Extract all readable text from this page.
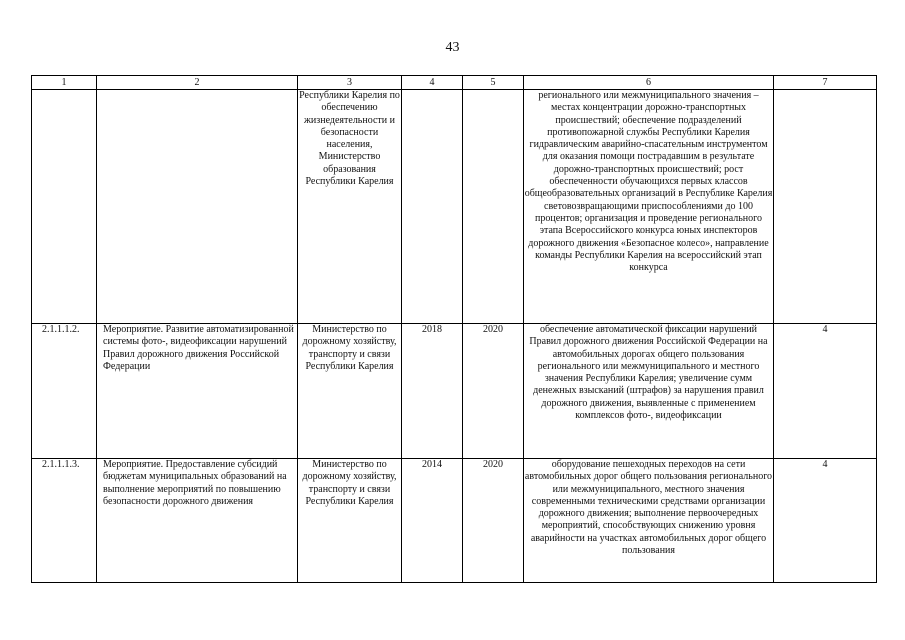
43
1	2	3	4	5	6	7
		Республики Карелия по обеспечению жизнедеятельности и безопасности населения, Министерство образования Республики Карелия			регионального или межмуниципального значения – местах концентрации дорожно-транспортных происшествий; обеспечение подразделений противопожарной службы Республики Карелия гидравлическим аварийно-спасательным инструментом для оказания помощи пострадавшим в результате дорожно-транспортных происшествий; рост обеспеченности обучающихся первых классов общеобразовательных организаций в Республике Карелия световозвращающими приспособлениями до 100 процентов; организация и проведение регионального этапа Всероссийского конкурса юных инспекторов дорожного движения «Безопасное колесо», направление команды Республики Карелия на всероссийский этап конкурса	
2.1.1.1.2.	Мероприятие. Развитие автоматизированной системы фото-, видеофиксации нарушений Правил дорожного движения Российской Федерации	Министерство по дорожному хозяйству, транспорту и связи Республики Карелия	2018	2020	обеспечение автоматической фиксации нарушений Правил дорожного движения Российской Федерации на автомобильных дорогах общего пользования регионального или межмуниципального и местного значения Республики Карелия; увеличение сумм денежных взысканий (штрафов) за нарушения правил дорожного движения, выявленные с применением комплексов фото-, видеофиксации	4
2.1.1.1.3.	Мероприятие. Предоставление субсидий бюджетам муниципальных образований на выполнение мероприятий по повышению безопасности дорожного движения	Министерство по дорожному хозяйству, транспорту и связи Республики Карелия	2014	2020	оборудование пешеходных переходов на сети автомобильных дорог общего пользования регионального или межмуниципального, местного значения современными техническими средствами организации дорожного движения; выполнение первоочередных мероприятий, способствующих снижению уровня аварийности на участках автомобильных дорог общего пользования	4
